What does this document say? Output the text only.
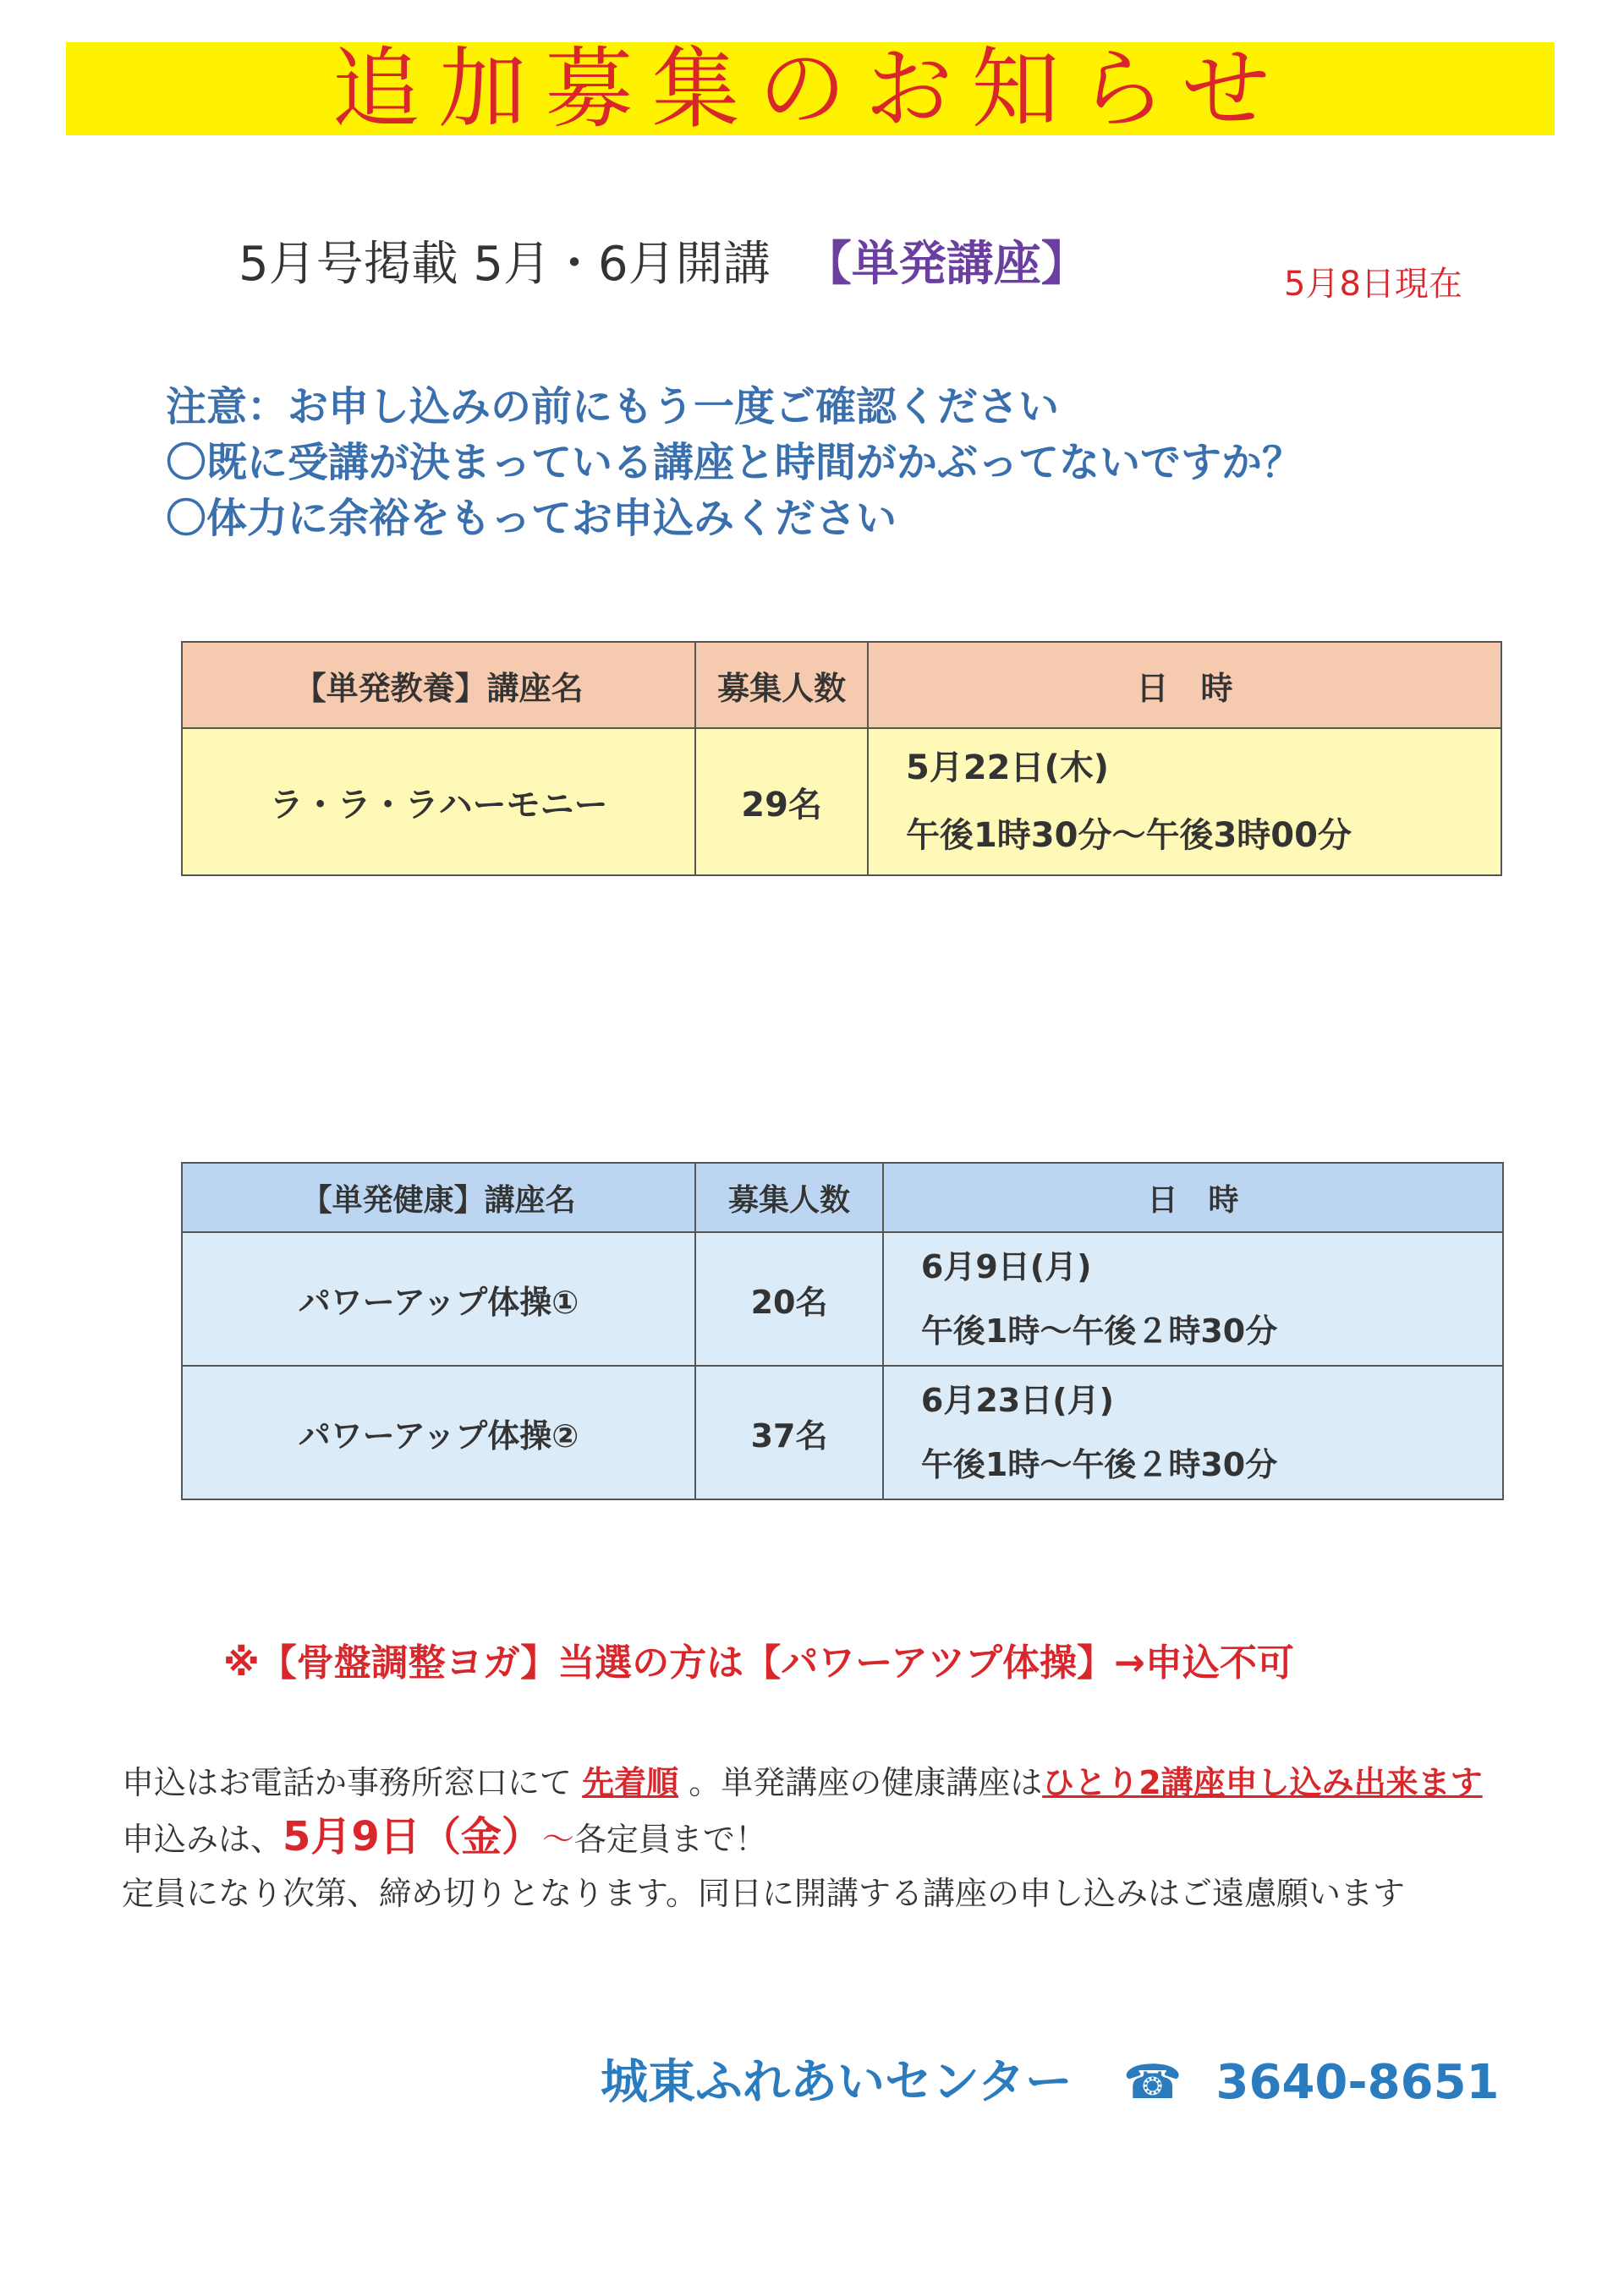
追加募集のお知らせ
5月号掲載 5月・6月開講 【単発講座】	5月8日現在
注意：お申し込みの前にもう一度ご確認ください
〇既に受講が決まっている講座と時間がかぶってないですか？
〇体力に余裕をもってお申込みください
【単発教養】講座名	募集人数	日　時
ラ・ラ・ラハーモニー	29名	5月22日(木)
午後1時30分～午後3時00分
【単発健康】講座名	募集人数	日　時
パワーアップ体操①	20名	6月9日(月)
午後1時～午後２時30分

パワーアップ体操②	37名	6月23日(月)
午後1時～午後２時30分
※【骨盤調整ヨガ】当選の方は【パワーアツプ体操】→申込不可
申込はお電話か事務所窓口にて 先着順 。単発講座の健康講座はひとり2講座申し込み出来ます
申込みは、5月9日（金）～各定員まで！
定員になり次第、締め切りとなります。同日に開講する講座の申し込みはご遠慮願います
城東ふれあいセンター ☎ 3640-8651
